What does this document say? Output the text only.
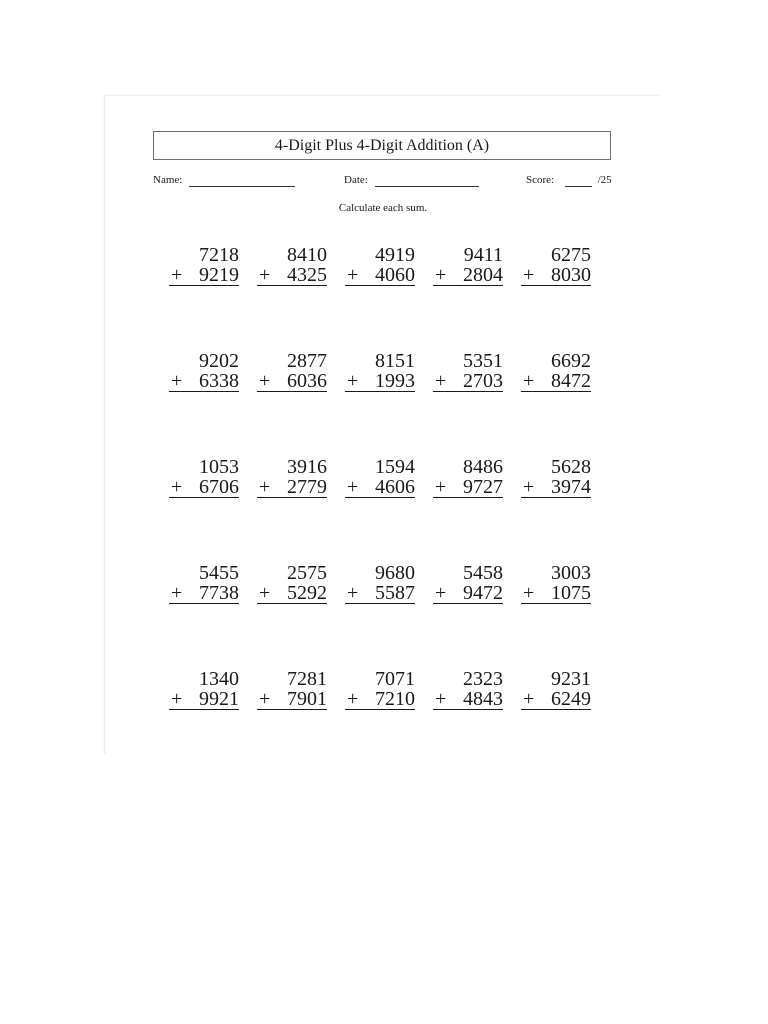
4-Digit Plus 4-Digit Addition (A)
Name:	Date:	Score:	/25
Calculate each sum.
7218
+ 9219
8410
+ 4325
4919
+ 4060
9411
+ 2804
6275
+ 8030
9202
+ 6338
2877
+ 6036
8151
+ 1993
5351
+ 2703
6692
+ 8472
1053
+ 6706
3916
+ 2779
1594
+ 4606
8486
+ 9727
5628
+ 3974
5455
+ 7738
2575
+ 5292
9680
+ 5587
5458
+ 9472
3003
+ 1075
1340
+ 9921
7281
+ 7901
7071
+ 7210
2323
+ 4843
9231
+ 6249
